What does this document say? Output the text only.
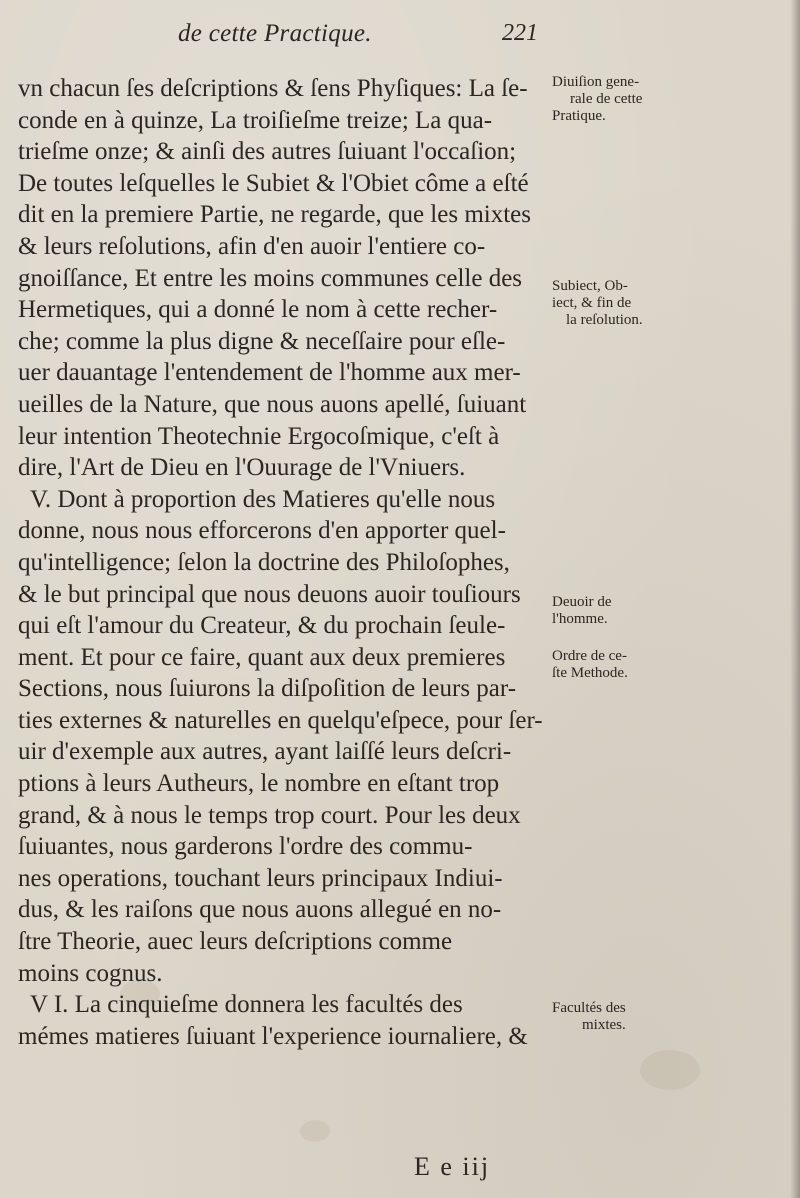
de cette Practique.	221
vn chacun ſes deſcriptions & ſens Phyſiques: La ſe-
conde en à quinze, La troiſieſme treize; La qua-
trieſme onze; & ainſi des autres ſuiuant l'occaſion;
De toutes leſquelles le Subiet & l'Obiet côme a eſté
dit en la premiere Partie, ne regarde, que les mixtes
& leurs reſolutions, afin d'en auoir l'entiere co-
gnoiſſance, Et entre les moins communes celle des
Hermetiques, qui a donné le nom à cette recher-
che; comme la plus digne & neceſſaire pour eſle-
uer dauantage l'entendement de l'homme aux mer-
ueilles de la Nature, que nous auons apellé, ſuiuant
leur intention Theotechnie Ergocoſmique, c'eſt à
dire, l'Art de Dieu en l'Ouurage de l'Vniuers.
V. Dont à proportion des Matieres qu'elle nous
donne, nous nous efforcerons d'en apporter quel-
qu'intelligence; ſelon la doctrine des Philoſophes,
& le but principal que nous deuons auoir touſiours
qui eſt l'amour du Createur, & du prochain ſeule-
ment. Et pour ce faire, quant aux deux premieres
Sections, nous ſuiurons la diſpoſition de leurs par-
ties externes & naturelles en quelqu'eſpece, pour ſer-
uir d'exemple aux autres, ayant laiſſé leurs deſcri-
ptions à leurs Autheurs, le nombre en eſtant trop
grand, & à nous le temps trop court. Pour les deux
ſuiuantes, nous garderons l'ordre des commu-
nes operations, touchant leurs principaux Indiui-
dus, & les raiſons que nous auons allegué en no-
ſtre Theorie, auec leurs deſcriptions comme
moins cognus.
V I. La cinquieſme donnera les facultés des
mémes matieres ſuiuant l'experience iournaliere, &
Diuiſion gene-
rale de cette
Pratique.
Subiect, Ob-
iect, & fin de
la reſolution.
Deuoir de
l'homme.
Ordre de ce-
ſte Methode.
Facultés des
mixtes.
E e iij
